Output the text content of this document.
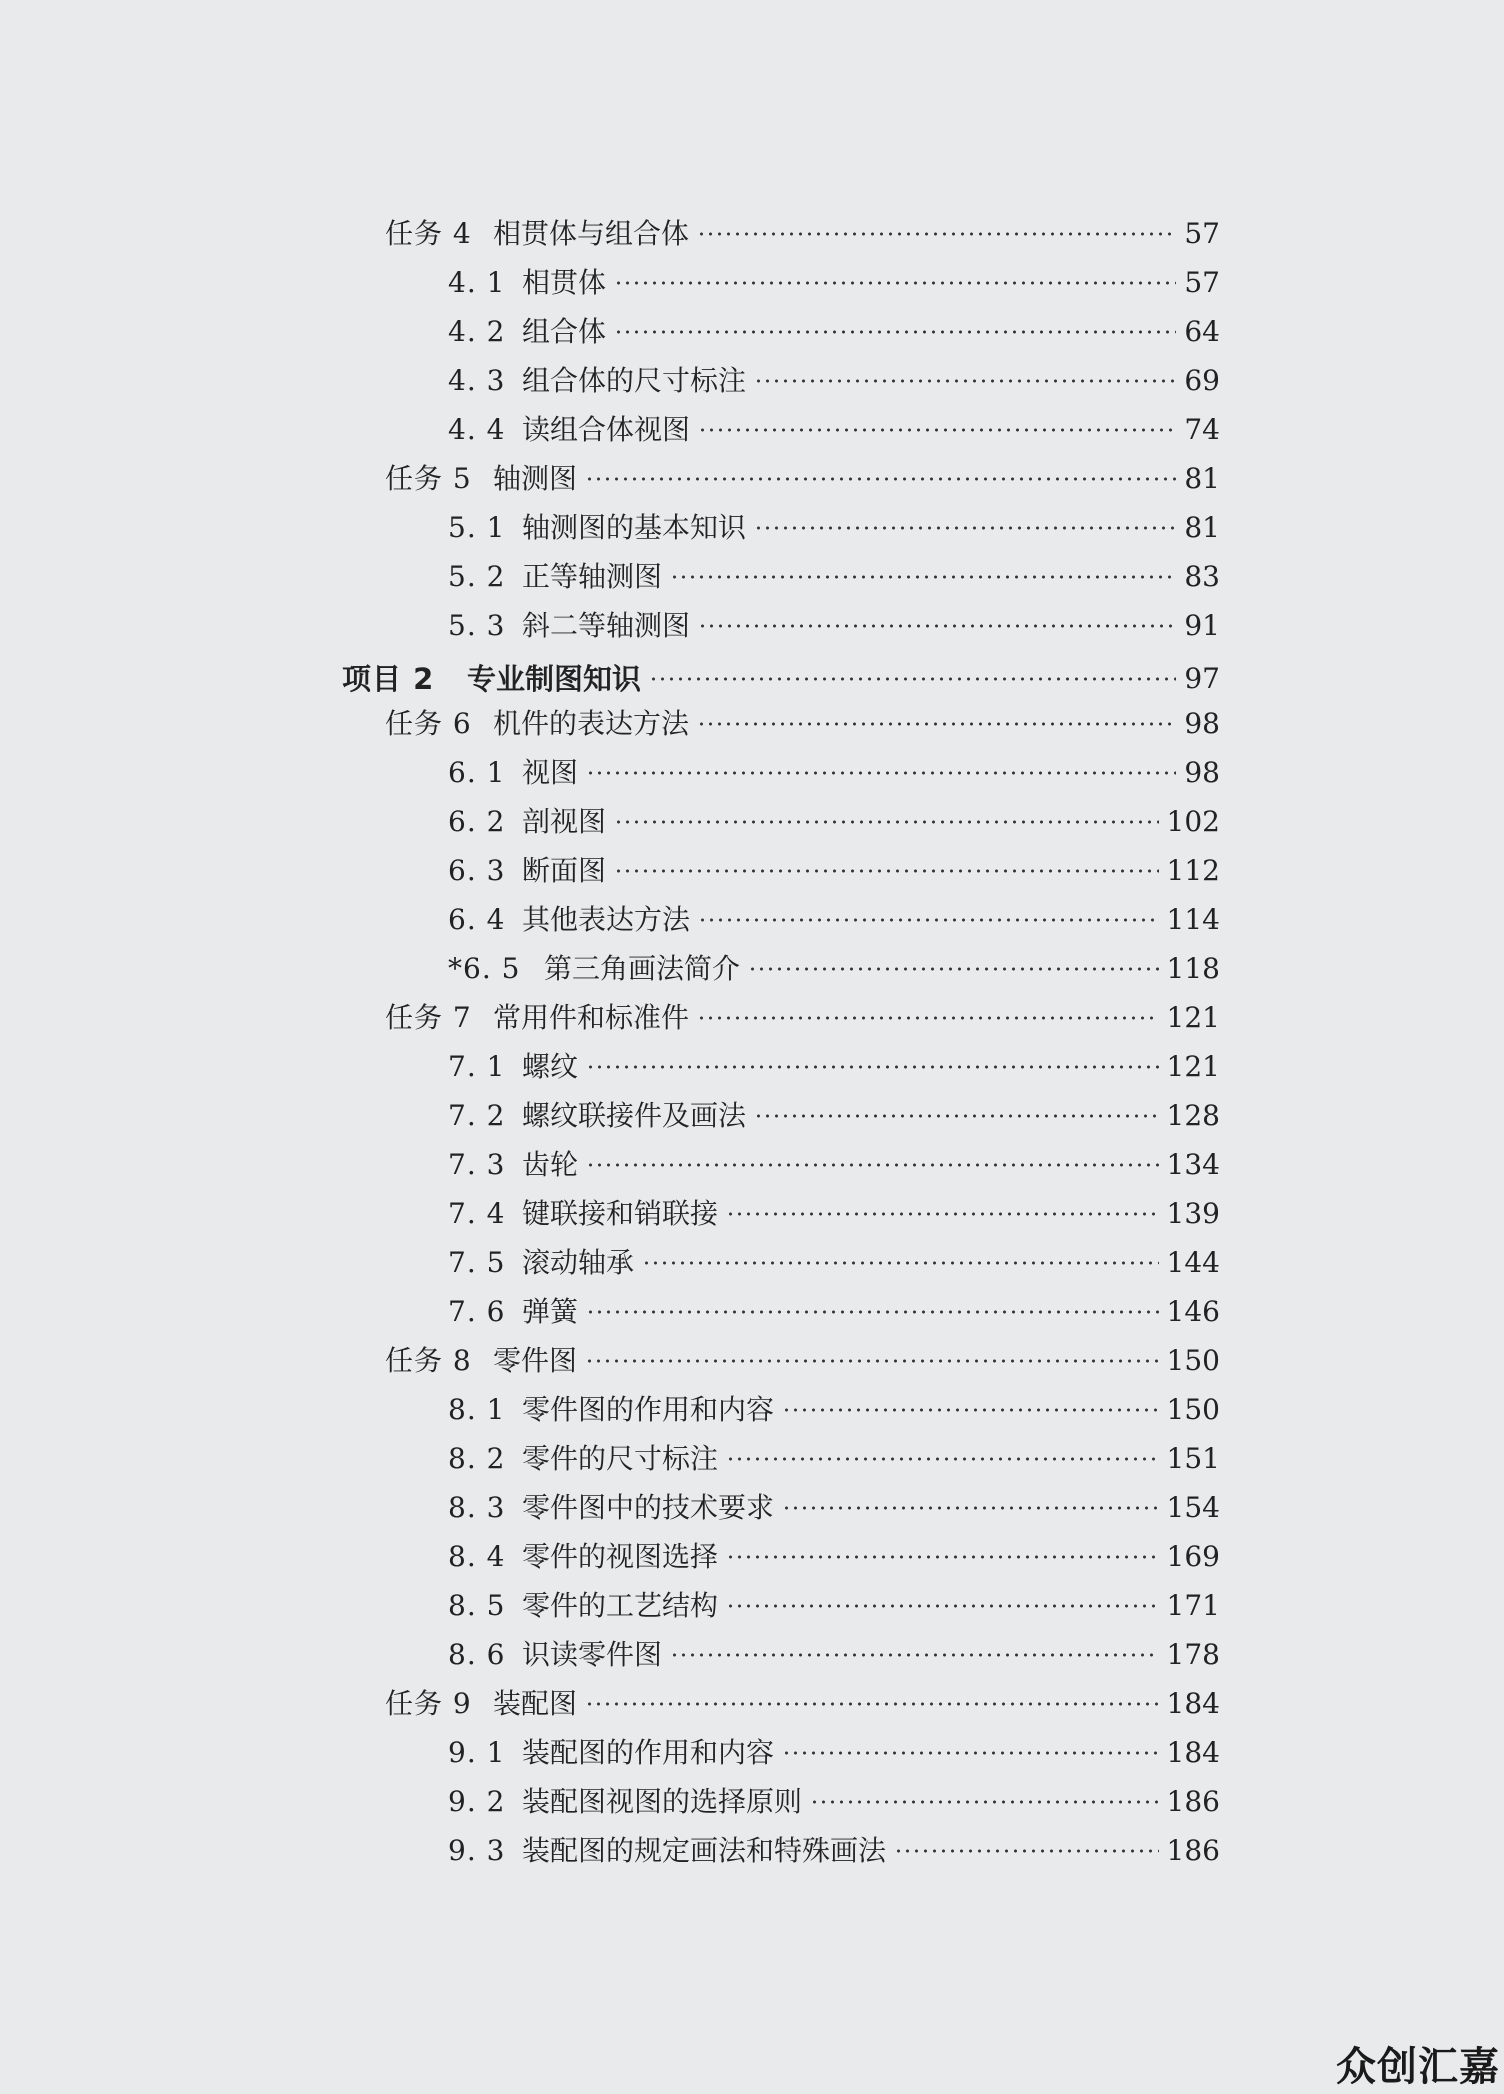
任务 4 相贯体与组合体	57
4. 1 相贯体	57
4. 2 组合体	64
4. 3 组合体的尺寸标注	69
4. 4 读组合体视图	74
任务 5 轴测图	81
5. 1 轴测图的基本知识	81
5. 2 正等轴测图	83
5. 3 斜二等轴测图	91
项目 2	专业制图知识	97
任务 6 机件的表达方法	98
6. 1 视图	98
6. 2 剖视图	102
6. 3 断面图	112
6. 4 其他表达方法	114
*6. 5 第三角画法简介	118
任务 7 常用件和标准件	121
7. 1 螺纹	121
7. 2 螺纹联接件及画法	128
7. 3 齿轮	134
7. 4 键联接和销联接	139
7. 5 滚动轴承	144
7. 6 弹簧	146
任务 8 零件图	150
8. 1 零件图的作用和内容	150
8. 2 零件的尺寸标注	151
8. 3 零件图中的技术要求	154
8. 4 零件的视图选择	169
8. 5 零件的工艺结构	171
8. 6 识读零件图	178
任务 9 装配图	184
9. 1 装配图的作用和内容	184
9. 2 装配图视图的选择原则	186
9. 3 装配图的规定画法和特殊画法	186
众创汇嘉
